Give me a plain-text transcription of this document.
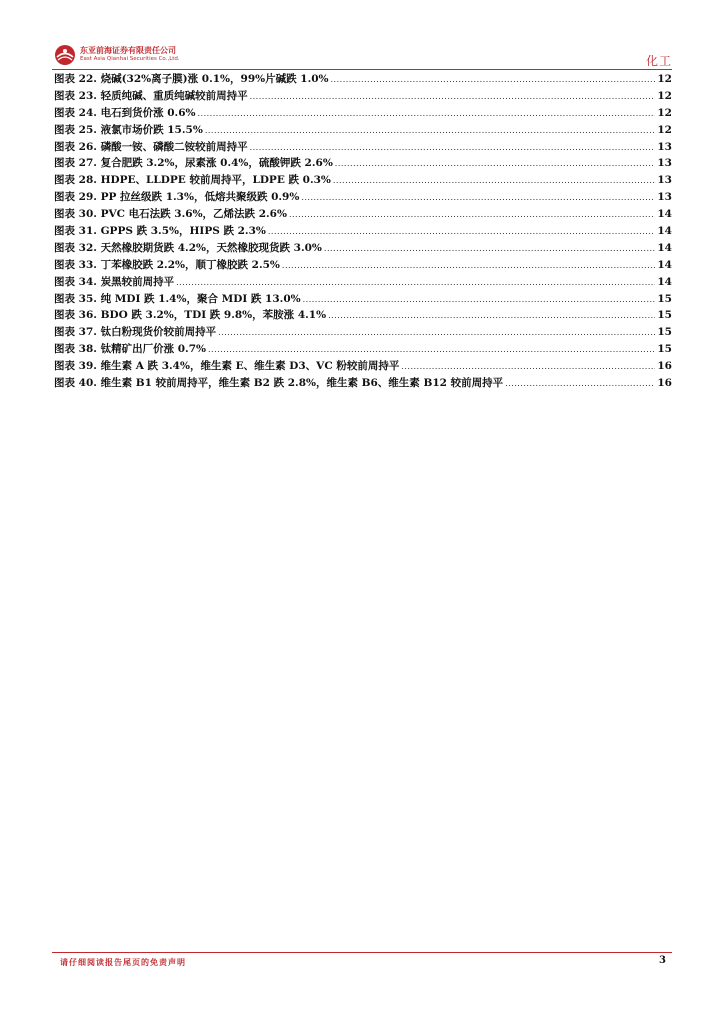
东亚前海证券有限责任公司
East Asia Qianhai Securities Co.,Ltd.	化工
图表 22. 烧碱(32%离子膜)涨 0.1%，99%片碱跌 1.0% .....	12
图表 23. 轻质纯碱、重质纯碱较前周持平 .....	12
图表 24. 电石到货价涨 0.6% .....	12
图表 25. 液氯市场价跌 15.5% .....	12
图表 26. 磷酸一铵、磷酸二铵较前周持平 .....	13
图表 27. 复合肥跌 3.2%，尿素涨 0.4%，硫酸钾跌 2.6% .....	13
图表 28. HDPE、LLDPE 较前周持平，LDPE 跌 0.3% .....	13
图表 29. PP 拉丝级跌 1.3%，低熔共聚级跌 0.9% .....	13
图表 30. PVC 电石法跌 3.6%，乙烯法跌 2.6% .....	14
图表 31. GPPS 跌 3.5%，HIPS 跌 2.3% .....	14
图表 32. 天然橡胶期货跌 4.2%，天然橡胶现货跌 3.0% .....	14
图表 33. 丁苯橡胶跌 2.2%，顺丁橡胶跌 2.5% .....	14
图表 34. 炭黑较前周持平 .....	14
图表 35. 纯 MDI 跌 1.4%，聚合 MDI 跌 13.0% .....	15
图表 36. BDO 跌 3.2%，TDI 跌 9.8%，苯胺涨 4.1% .....	15
图表 37. 钛白粉现货价较前周持平 .....	15
图表 38. 钛精矿出厂价涨 0.7% .....	15
图表 39. 维生素 A 跌 3.4%，维生素 E、维生素 D3、VC 粉较前周持平 .....	16
图表 40. 维生素 B1 较前周持平，维生素 B2 跌 2.8%，维生素 B6、维生素 B12 较前周持平 .....	16
请仔细阅读报告尾页的免责声明	3
